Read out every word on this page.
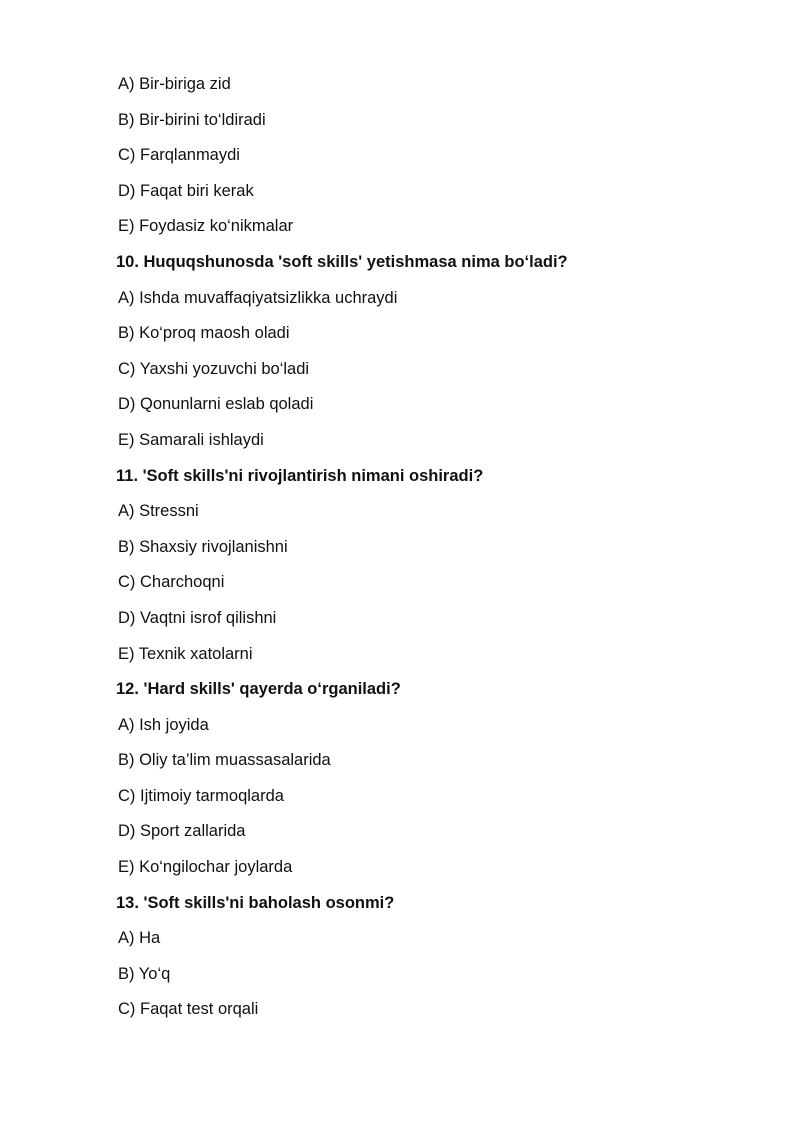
A) Bir-biriga zid
B) Bir-birini to‘ldiradi
C) Farqlanmaydi
D) Faqat biri kerak
E) Foydasiz ko‘nikmalar
10. Huquqshunosda 'soft skills' yetishmasa nima bo‘ladi?
A) Ishda muvaffaqiyatsizlikka uchraydi
B) Ko‘proq maosh oladi
C) Yaxshi yozuvchi bo‘ladi
D) Qonunlarni eslab qoladi
E) Samarali ishlaydi
11. 'Soft skills'ni rivojlantirish nimani oshiradi?
A) Stressni
B) Shaxsiy rivojlanishni
C) Charchoqni
D) Vaqtni isrof qilishni
E) Texnik xatolarni
12. 'Hard skills' qayerda o‘rganiladi?
A) Ish joyida
B) Oliy ta’lim muassasalarida
C) Ijtimoiy tarmoqlarda
D) Sport zallarida
E) Ko‘ngilochar joylarda
13. 'Soft skills'ni baholash osonmi?
A) Ha
B) Yo‘q
C) Faqat test orqali
